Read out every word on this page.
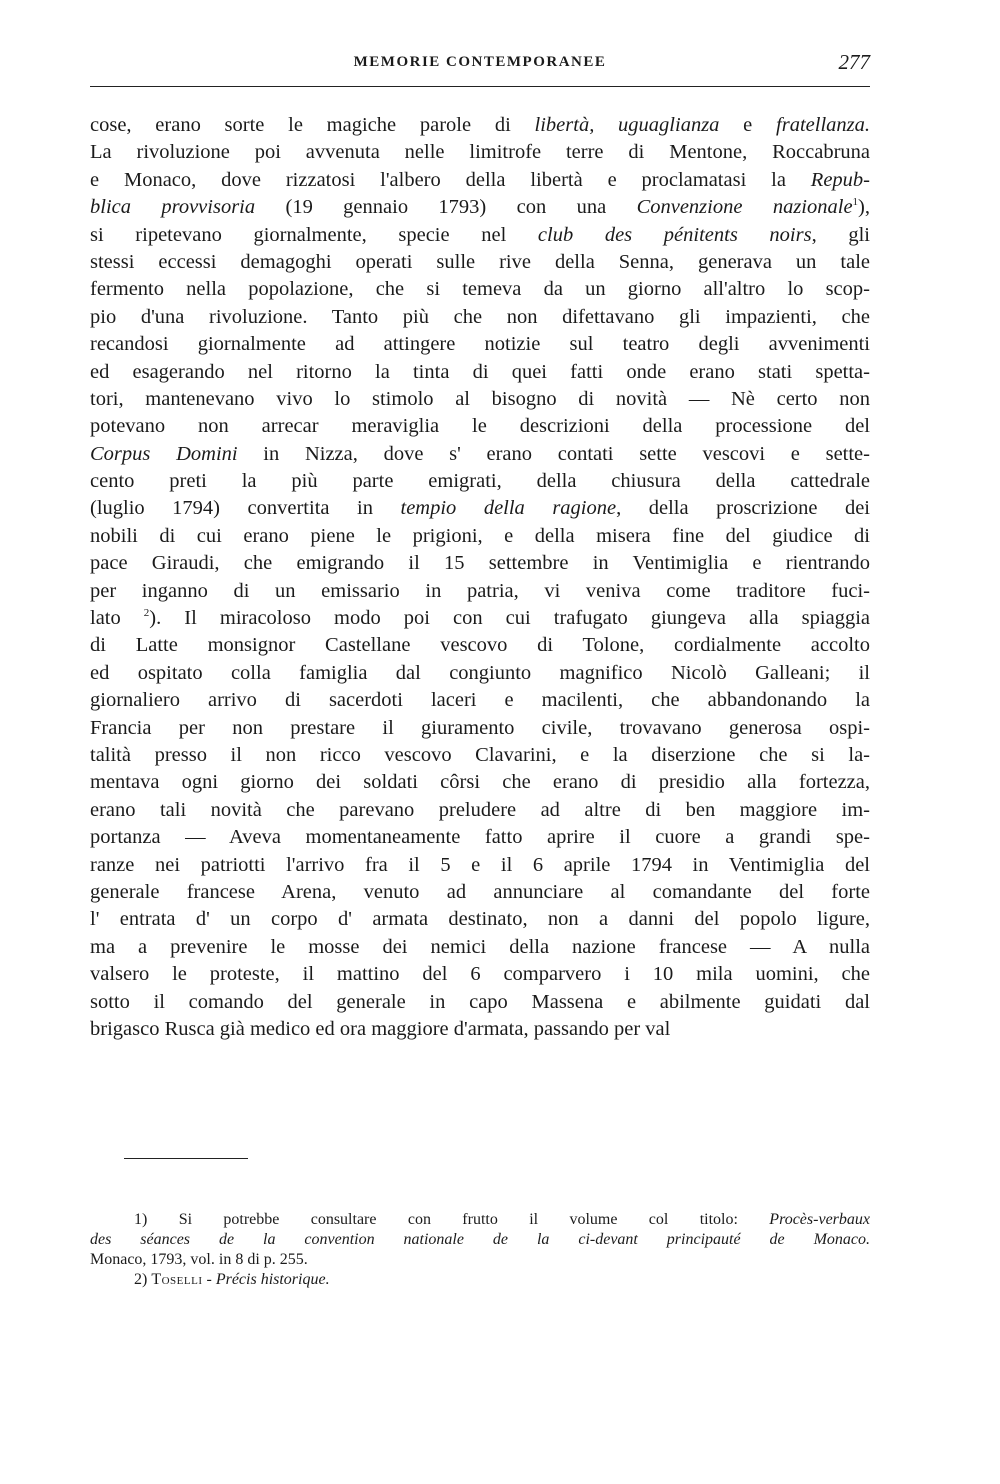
MEMORIE CONTEMPORANEE	277
cose, erano sorte le magiche parole di libertà, uguaglianza e fratellanza.
La rivoluzione poi avvenuta nelle limitrofe terre di Mentone, Roccabruna
e Monaco, dove rizzatosi l'albero della libertà e proclamatasi la Repub-
blica provvisoria (19 gennaio 1793) con una Convenzione nazionale$^1$),
si ripetevano giornalmente, specie nel club des pénitents noirs, gli
stessi eccessi demagoghi operati sulle rive della Senna, generava un tale
fermento nella popolazione, che si temeva da un giorno all'altro lo scop-
pio d'una rivoluzione. Tanto più che non difettavano gli impazienti, che
recandosi giornalmente ad attingere notizie sul teatro degli avvenimenti
ed esagerando nel ritorno la tinta di quei fatti onde erano stati spetta-
tori, mantenevano vivo lo stimolo al bisogno di novità — Nè certo non
potevano non arrecar meraviglia le descrizioni della processione del
Corpus Domini in Nizza, dove s' erano contati sette vescovi e sette-
cento preti la più parte emigrati, della chiusura della cattedrale
(luglio 1794) convertita in tempio della ragione, della proscrizione dei
nobili di cui erano piene le prigioni, e della misera fine del giudice di
pace Giraudi, che emigrando il 15 settembre in Ventimiglia e rientrando
per inganno di un emissario in patria, vi veniva come traditore fuci-
lato $^2$). Il miracoloso modo poi con cui trafugato giungeva alla spiaggia
di Latte monsignor Castellane vescovo di Tolone, cordialmente accolto
ed ospitato colla famiglia dal congiunto magnifico Nicolò Galleani; il
giornaliero arrivo di sacerdoti laceri e macilenti, che abbandonando la
Francia per non prestare il giuramento civile, trovavano generosa ospi-
talità presso il non ricco vescovo Clavarini, e la diserzione che si la-
mentava ogni giorno dei soldati côrsi che erano di presidio alla fortezza,
erano tali novità che parevano preludere ad altre di ben maggiore im-
portanza — Aveva momentaneamente fatto aprire il cuore a grandi spe-
ranze nei patriotti l'arrivo fra il 5 e il 6 aprile 1794 in Ventimiglia del
generale francese Arena, venuto ad annunciare al comandante del forte
l' entrata d' un corpo d' armata destinato, non a danni del popolo ligure,
ma a prevenire le mosse dei nemici della nazione francese — A nulla
valsero le proteste, il mattino del 6 comparvero i 10 mila uomini, che
sotto il comando del generale in capo Massena e abilmente guidati dal
brigasco Rusca già medico ed ora maggiore d'armata, passando per val
1) Si potrebbe consultare con frutto il volume col titolo: Procès-verbaux
des séances de la convention nationale de la ci-devant principauté de Monaco.
Monaco, 1793, vol. in 8 di p. 255.
2) Toselli - Précis historique.
